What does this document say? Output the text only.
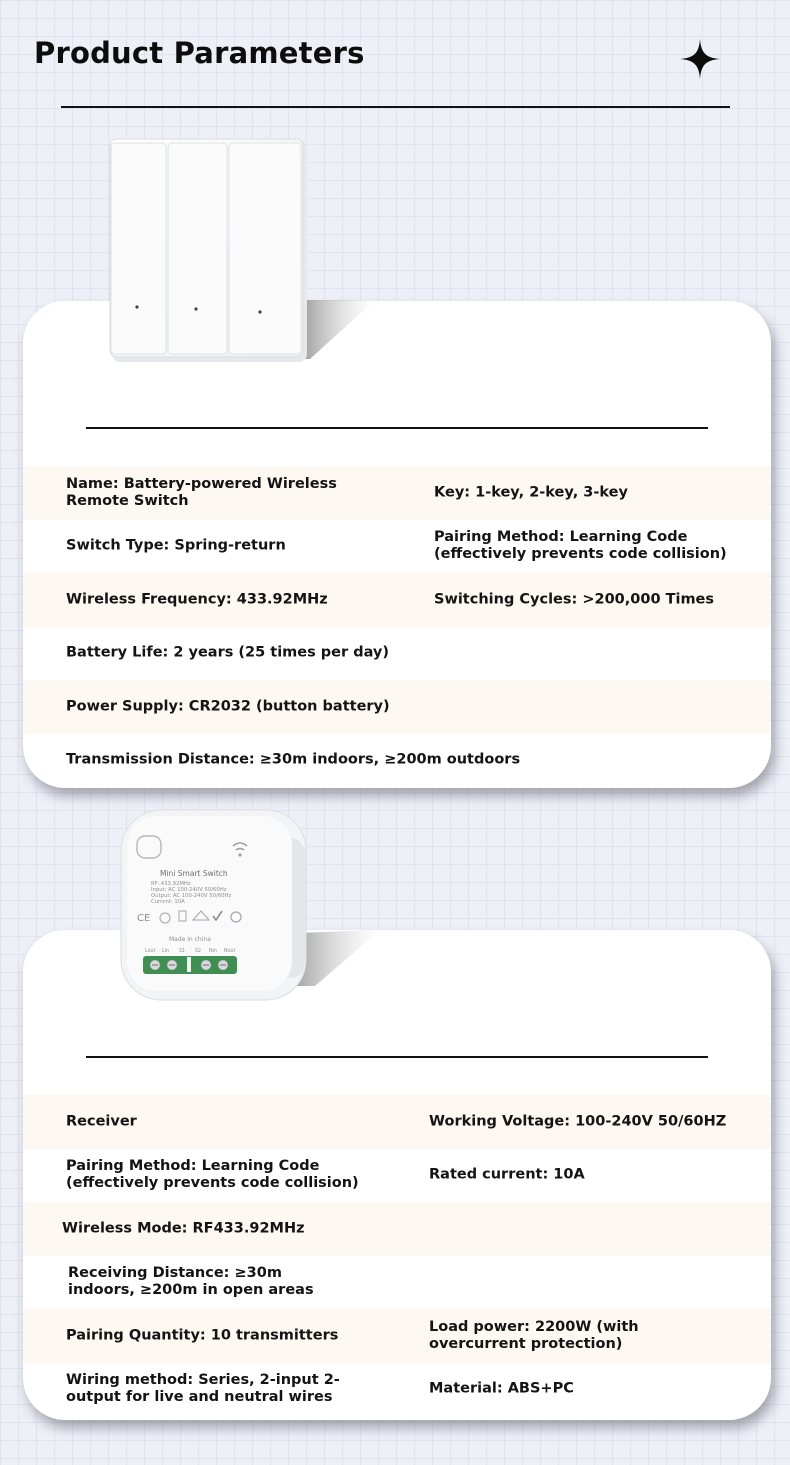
Product Parameters
Name: Battery-powered Wireless Remote Switch
Key: 1-key, 2-key, 3-key
Switch Type: Spring-return
Pairing Method: Learning Code (effectively prevents code collision)
Wireless Frequency: 433.92MHz	Switching Cycles: >200,000 Times
Battery Life: 2 years (25 times per day)
Power Supply: CR2032 (button battery)
Transmission Distance: ≥30m indoors, ≥200m outdoors
Receiver	Working Voltage: 100-240V 50/60HZ
Pairing Method: Learning Code (effectively prevents code collision)
Rated current: 10A
Wireless Mode: RF433.92MHz
Receiving Distance: ≥30m indoors, ≥200m in open areas
Pairing Quantity: 10 transmitters
Load power: 2200W (with overcurrent protection)
Wiring method: Series, 2-input 2-output for live and neutral wires
Material: ABS+PC
Mini Smart Switch
RF: 433.92MHz
Input: AC 100-240V 50/60Hz
Output: AC 100-240V 50/60Hz
Current: 10A
CE
Made in china
Lout Lin S1 S2 Nin Nout
